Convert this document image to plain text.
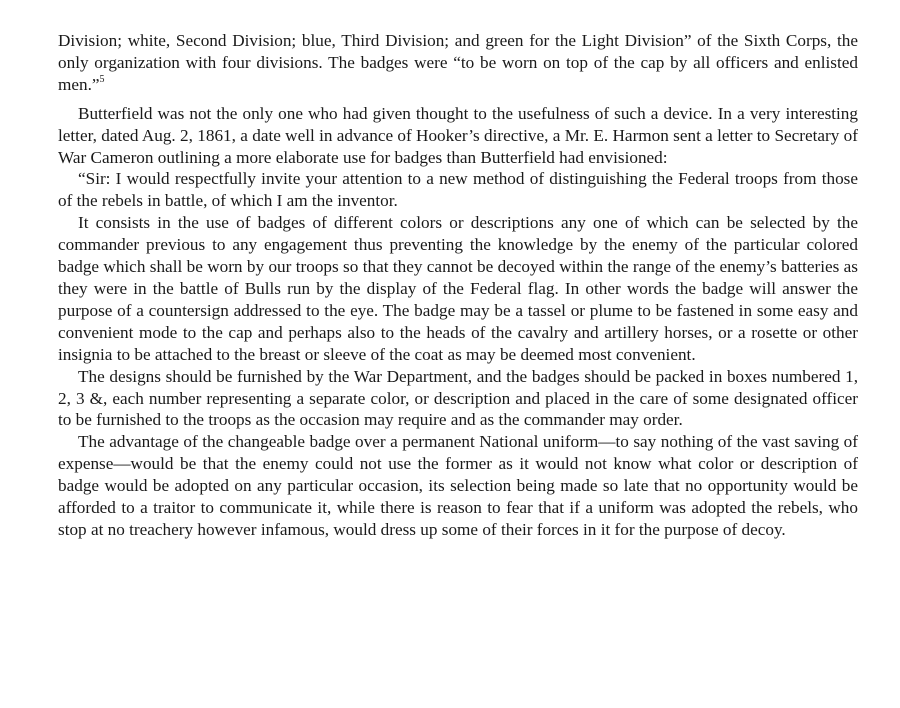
Division; white, Second Division; blue, Third Division; and green for the Light Division” of the Sixth Corps, the only organization with four divisions. The badges were “to be worn on top of the cap by all officers and enlisted men.”$^5$

Butterfield was not the only one who had given thought to the usefulness of such a device. In a very interesting letter, dated Aug. 2, 1861, a date well in advance of Hooker’s directive, a Mr. E. Harmon sent a letter to Secretary of War Cameron outlining a more elaborate use for badges than Butterfield had envisioned:

“Sir: I would respectfully invite your attention to a new method of distinguishing the Federal troops from those of the rebels in battle, of which I am the inventor.

It consists in the use of badges of different colors or descriptions any one of which can be selected by the commander previous to any engagement thus preventing the knowledge by the enemy of the particular colored badge which shall be worn by our troops so that they cannot be decoyed within the range of the enemy’s batteries as they were in the battle of Bulls run by the display of the Federal flag. In other words the badge will answer the purpose of a countersign addressed to the eye. The badge may be a tassel or plume to be fastened in some easy and convenient mode to the cap and perhaps also to the heads of the cavalry and artillery horses, or a rosette or other insignia to be attached to the breast or sleeve of the coat as may be deemed most convenient.

The designs should be furnished by the War Department, and the badges should be packed in boxes numbered 1, 2, 3 &, each number representing a separate color, or description and placed in the care of some designated officer to be furnished to the troops as the occasion may require and as the commander may order.

The advantage of the changeable badge over a permanent National uniform—to say nothing of the vast saving of expense—would be that the enemy could not use the former as it would not know what color or description of badge would be adopted on any particular occasion, its selection being made so late that no opportunity would be afforded to a traitor to communicate it, while there is reason to fear that if a uniform was adopted the rebels, who stop at no treachery however infamous, would dress up some of their forces in it for the purpose of decoy.
